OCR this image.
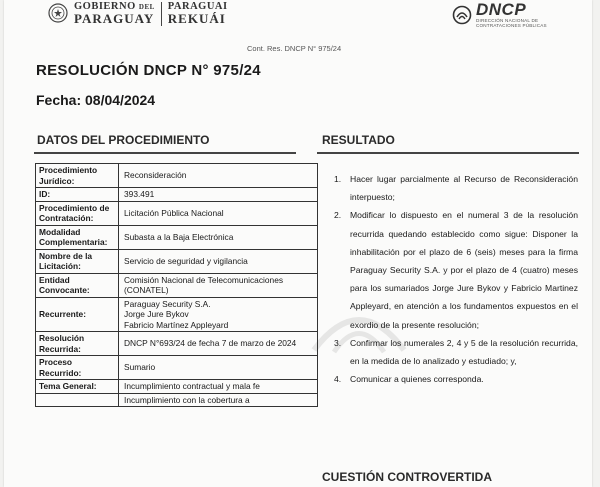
GOBIERNO DEL
PARAGUAY
PARAGUAI
REKUÁI	DNCP
DIRECCIÓN NACIONAL DE
CONTRATACIONES PÚBLICAS
Cont. Res. DNCP N° 975/24
RESOLUCIÓN DNCP N° 975/24
Fecha: 08/04/2024
DATOS DEL PROCEDIMIENTO	RESULTADO
Procedimiento Jurídico:	Reconsideración
ID:	393.491
Procedimiento de Contratación:	Licitación Pública Nacional
Modalidad Complementaria:	Subasta a la Baja Electrónica
Nombre de la Licitación:	Servicio de seguridad y vigilancia
Entidad Convocante:	Comisión Nacional de Telecomunicaciones (CONATEL)
Recurrente:	Paraguay Security S.A.
Jorge Jure Bykov
Fabricio Martínez Appleyard
Resolución Recurrida:	DNCP N°693/24 de fecha 7 de marzo de 2024
Proceso Recurrido:	Sumario
Tema General:	Incumplimiento contractual y mala fe
	Incumplimiento con la cobertura a
1.	Hacer lugar parcialmente al Recurso de Reconsideración interpuesto;
2.	Modificar lo dispuesto en el numeral 3 de la resolución recurrida quedando establecido como sigue: Disponer la inhabilitación por el plazo de 6 (seis) meses para la firma Paraguay Security S.A. y por el plazo de 4 (cuatro) meses para los sumariados Jorge Jure Bykov y Fabricio Martinez Appleyard, en atención a los fundamentos expuestos en el exordio de la presente resolución;
3.	Confirmar los numerales 2, 4 y 5 de la resolución recurrida, en la medida de lo analizado y estudiado; y,
4.	Comunicar a quienes corresponda.
CUESTIÓN CONTROVERTIDA
